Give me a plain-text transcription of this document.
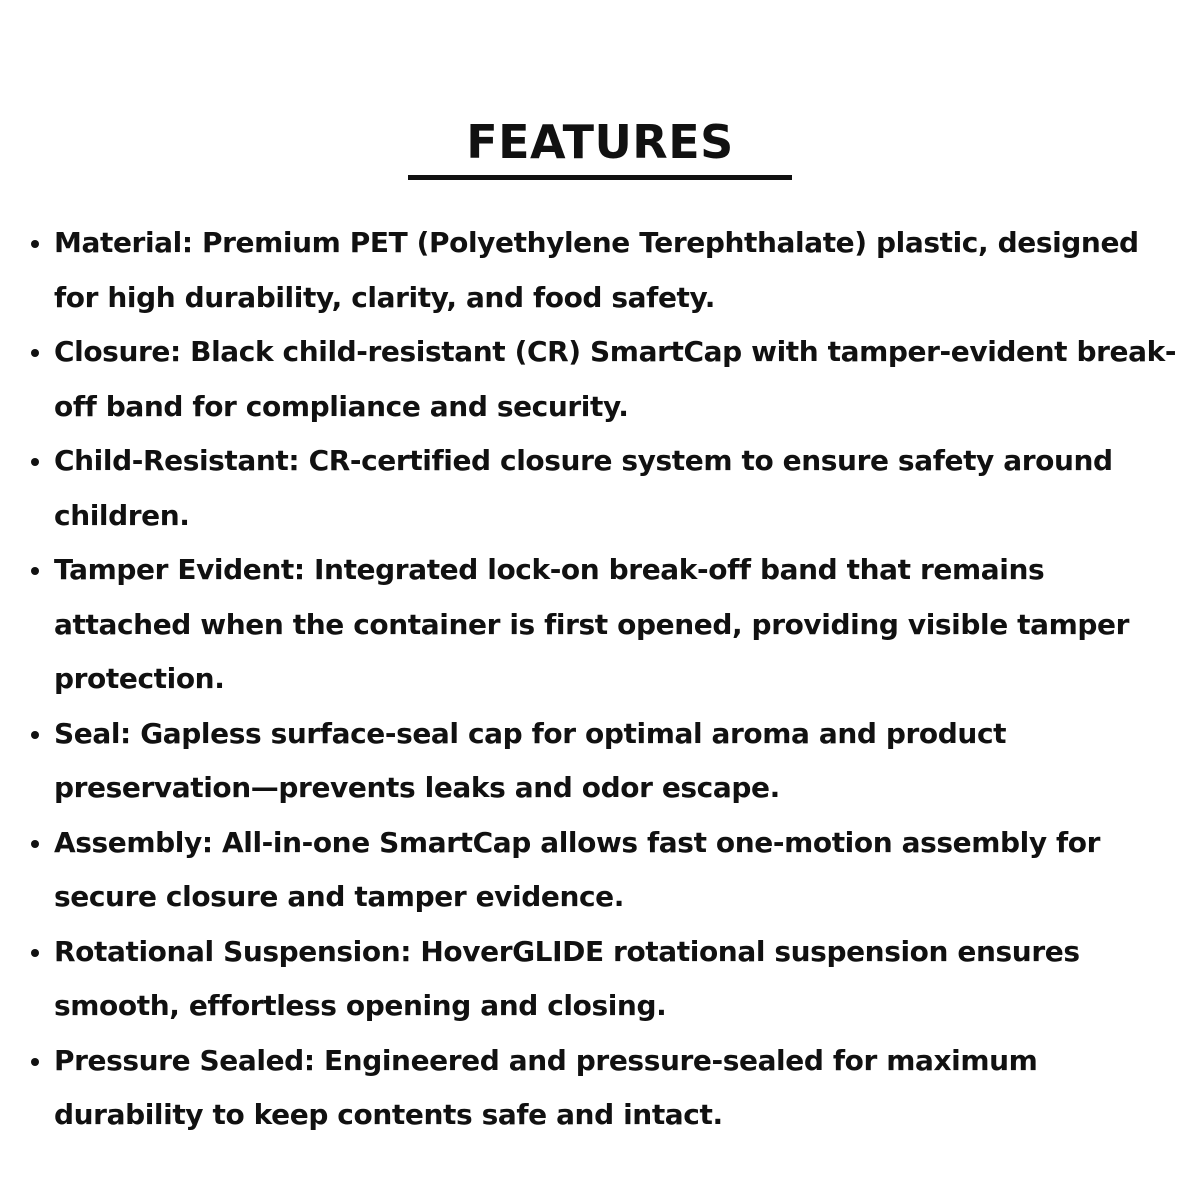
FEATURES
Material: Premium PET (Polyethylene Terephthalate) plastic, designed for high durability, clarity, and food safety.
Closure: Black child-resistant (CR) SmartCap with tamper-evident break-off band for compliance and security.
Child-Resistant: CR-certified closure system to ensure safety around children.
Tamper Evident: Integrated lock-on break-off band that remains attached when the container is first opened, providing visible tamper protection.
Seal: Gapless surface-seal cap for optimal aroma and product preservation—prevents leaks and odor escape.
Assembly: All-in-one SmartCap allows fast one-motion assembly for secure closure and tamper evidence.
Rotational Suspension: HoverGLIDE rotational suspension ensures smooth, effortless opening and closing.
Pressure Sealed: Engineered and pressure-sealed for maximum durability to keep contents safe and intact.
